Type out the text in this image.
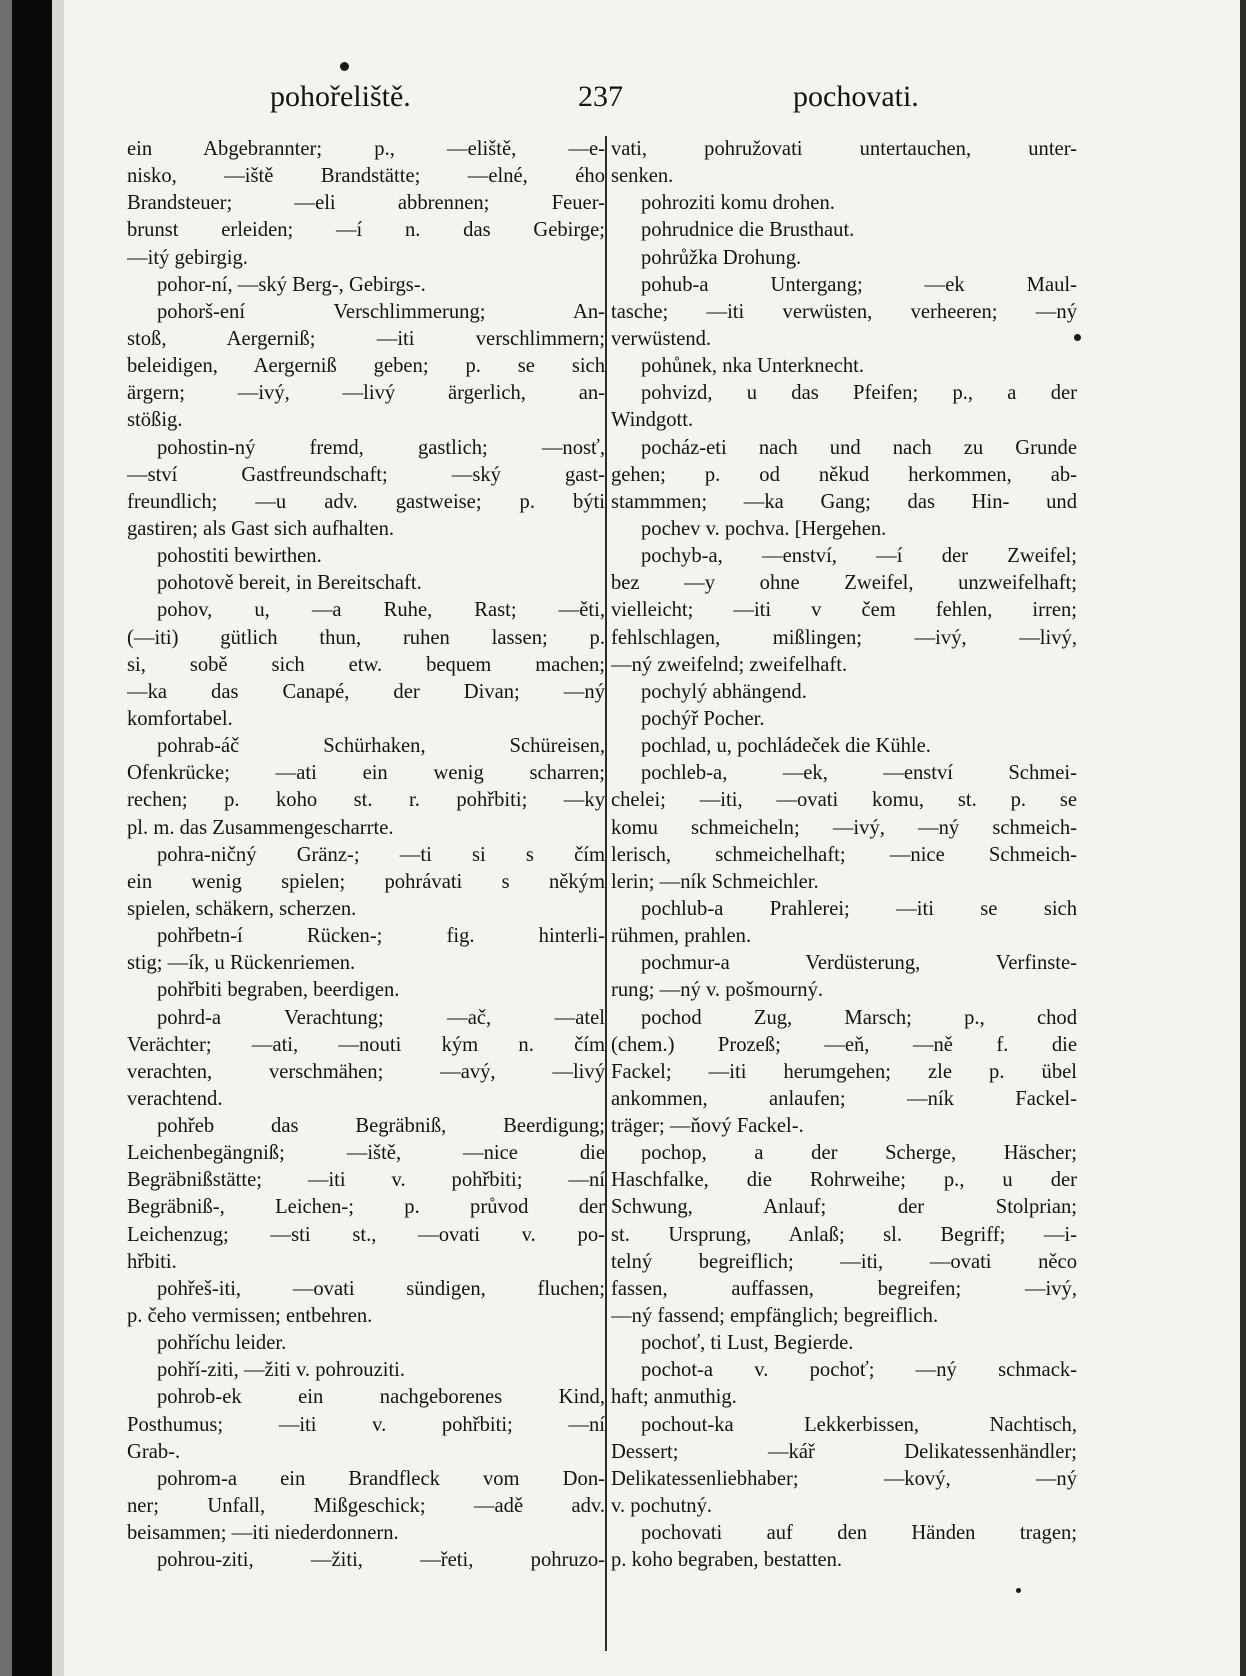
pohořeliště.	237	pochovati.
ein Abgebrannter; p., —eliště, —e-
nisko, —iště Brandstätte; —elné, ého
Brandsteuer; —eli abbrennen; Feuer-
brunst erleiden; —í n. das Gebirge;
—itý gebirgig.
pohor-ní, —ský Berg-, Gebirgs-.
pohorš-ení Verschlimmerung; An-
stoß, Aergerniß; —iti verschlimmern;
beleidigen, Aergerniß geben; p. se sich
ärgern; —ivý, —livý ärgerlich, an-
stößig.
pohostin-ný fremd, gastlich; —nosť,
—ství Gastfreundschaft; —ský gast-
freundlich; —u adv. gastweise; p. býti
gastiren; als Gast sich aufhalten.
pohostiti bewirthen.
pohotově bereit, in Bereitschaft.
pohov, u, —a Ruhe, Rast; —ěti,
(—iti) gütlich thun, ruhen lassen; p.
si, sobě sich etw. bequem machen;
—ka das Canapé, der Divan; —ný
komfortabel.
pohrab-áč Schürhaken, Schüreisen,
Ofenkrücke; —ati ein wenig scharren;
rechen; p. koho st. r. pohřbiti; —ky
pl. m. das Zusammengescharrte.
pohra-ničný Gränz-; —ti si s čím
ein wenig spielen; pohrávati s někým
spielen, schäkern, scherzen.
pohřbetn-í Rücken-; fig. hinterli-
stig; —ík, u Rückenriemen.
pohřbiti begraben, beerdigen.
pohrd-a Verachtung; —ač, —atel
Verächter; —ati, —nouti kým n. čím
verachten, verschmähen; —avý, —livý
verachtend.
pohřeb das Begräbniß, Beerdigung;
Leichenbegängniß; —iště, —nice die
Begräbnißstätte; —iti v. pohřbiti; —ní
Begräbniß-, Leichen-; p. průvod der
Leichenzug; —sti st., —ovati v. po-
hřbiti.
pohřeš-iti, —ovati sündigen, fluchen;
p. čeho vermissen; entbehren.
pohříchu leider.
pohří-ziti, —žiti v. pohrouziti.
pohrob-ek ein nachgeborenes Kind,
Posthumus; —iti v. pohřbiti; —ní
Grab-.
pohrom-a ein Brandfleck vom Don-
ner; Unfall, Mißgeschick; —adě adv.
beisammen; —iti niederdonnern.
pohrou-ziti, —žiti, —řeti, pohruzo-
vati, pohružovati untertauchen, unter-
senken.
pohroziti komu drohen.
pohrudnice die Brusthaut.
pohrůžka Drohung.
pohub-a Untergang; —ek Maul-
tasche; —iti verwüsten, verheeren; —ný
verwüstend.
pohůnek, nka Unterknecht.
pohvizd, u das Pfeifen; p., a der
Windgott.
pocház-eti nach und nach zu Grunde
gehen; p. od někud herkommen, ab-
stammmen; —ka Gang; das Hin- und
pochev v. pochva. [Hergehen.
pochyb-a, —enství, —í der Zweifel;
bez —y ohne Zweifel, unzweifelhaft;
vielleicht; —iti v čem fehlen, irren;
fehlschlagen, mißlingen; —ivý, —livý,
—ný zweifelnd; zweifelhaft.
pochylý abhängend.
pochýř Pocher.
pochlad, u, pochládeček die Kühle.
pochleb-a, —ek, —enství Schmei-
chelei; —iti, —ovati komu, st. p. se
komu schmeicheln; —ivý, —ný schmeich-
lerisch, schmeichelhaft; —nice Schmeich-
lerin; —ník Schmeichler.
pochlub-a Prahlerei; —iti se sich
rühmen, prahlen.
pochmur-a Verdüsterung, Verfinste-
rung; —ný v. pošmourný.
pochod Zug, Marsch; p., chod
(chem.) Prozeß; —eň, —ně f. die
Fackel; —iti herumgehen; zle p. übel
ankommen, anlaufen; —ník Fackel-
träger; —ňový Fackel-.
pochop, a der Scherge, Häscher;
Haschfalke, die Rohrweihe; p., u der
Schwung, Anlauf; der Stolprian;
st. Ursprung, Anlaß; sl. Begriff; —i-
telný begreiflich; —iti, —ovati něco
fassen, auffassen, begreifen; —ivý,
—ný fassend; empfänglich; begreiflich.
pochoť, ti Lust, Begierde.
pochot-a v. pochoť; —ný schmack-
haft; anmuthig.
pochout-ka Lekkerbissen, Nachtisch,
Dessert; —kář Delikatessenhändler;
Delikatessenliebhaber; —kový, —ný
v. pochutný.
pochovati auf den Händen tragen;
p. koho begraben, bestatten.
